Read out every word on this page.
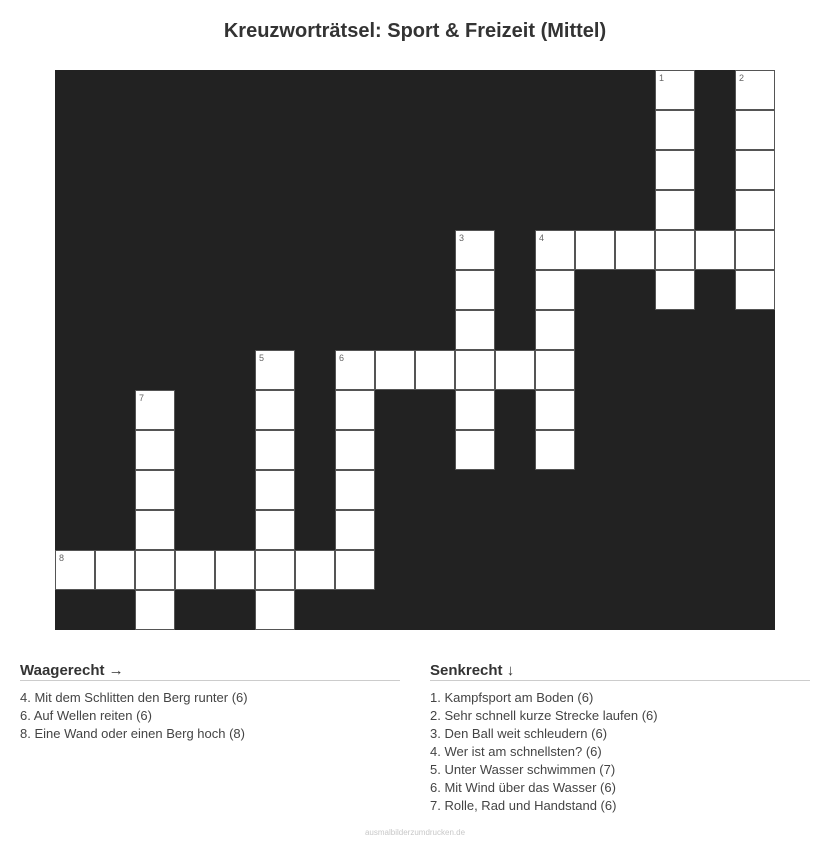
Kreuzworträtsel: Sport & Freizeit (Mittel)
1	2
3	4
5	6
7
8
Waagerecht →
4. Mit dem Schlitten den Berg runter (6)
6. Auf Wellen reiten (6)
8. Eine Wand oder einen Berg hoch (8)
Senkrecht ↓
1. Kampfsport am Boden (6)
2. Sehr schnell kurze Strecke laufen (6)
3. Den Ball weit schleudern (6)
4. Wer ist am schnellsten? (6)
5. Unter Wasser schwimmen (7)
6. Mit Wind über das Wasser (6)
7. Rolle, Rad und Handstand (6)
ausmalbilderzumdrucken.de
